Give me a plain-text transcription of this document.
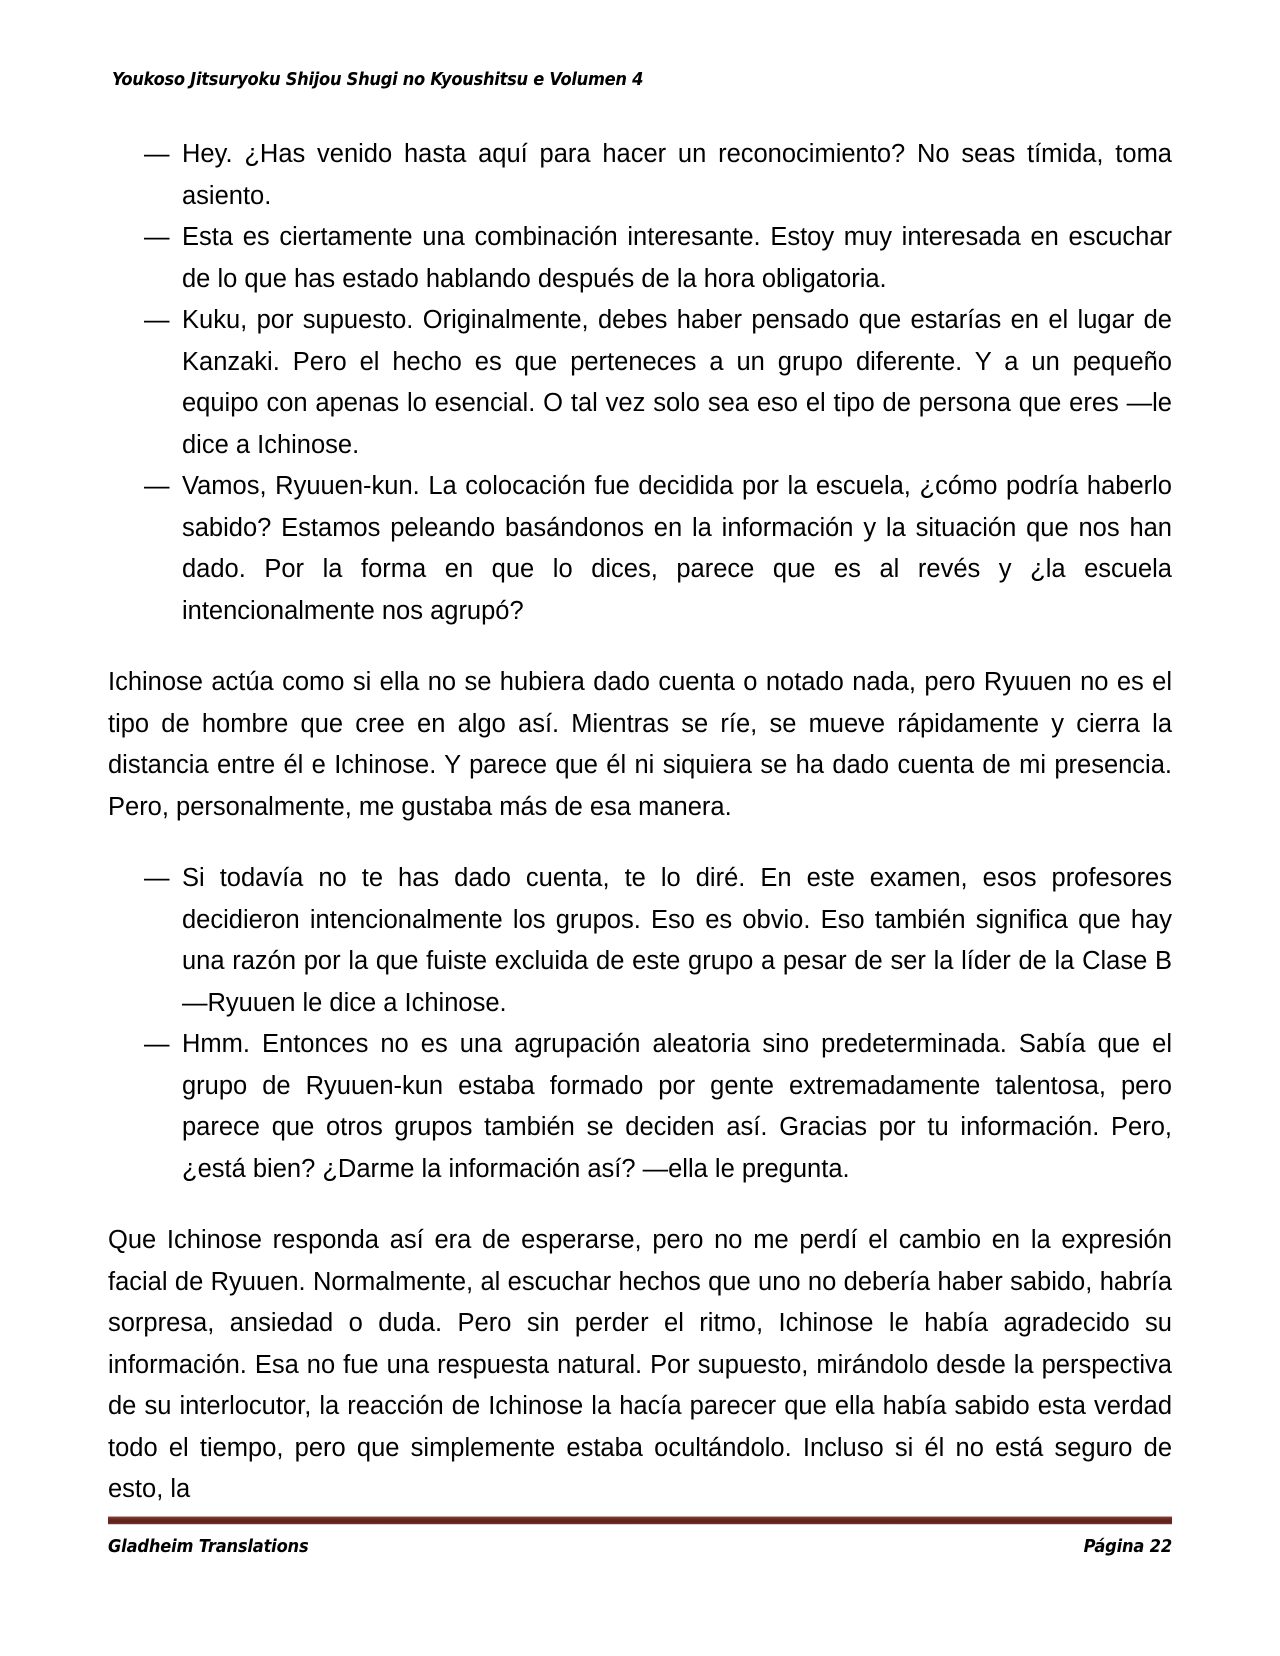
Youkoso Jitsuryoku Shijou Shugi no Kyoushitsu e Volumen 4
— Hey. ¿Has venido hasta aquí para hacer un reconocimiento? No seas tímida, toma asiento.
— Esta es ciertamente una combinación interesante. Estoy muy interesada en escuchar de lo que has estado hablando después de la hora obligatoria.
— Kuku, por supuesto. Originalmente, debes haber pensado que estarías en el lugar de Kanzaki. Pero el hecho es que perteneces a un grupo diferente. Y a un pequeño equipo con apenas lo esencial. O tal vez solo sea eso el tipo de persona que eres —le dice a Ichinose.
— Vamos, Ryuuen-kun. La colocación fue decidida por la escuela, ¿cómo podría haberlo sabido? Estamos peleando basándonos en la información y la situación que nos han dado. Por la forma en que lo dices, parece que es al revés y ¿la escuela intencionalmente nos agrupó?

Ichinose actúa como si ella no se hubiera dado cuenta o notado nada, pero Ryuuen no es el tipo de hombre que cree en algo así. Mientras se ríe, se mueve rápidamente y cierra la distancia entre él e Ichinose. Y parece que él ni siquiera se ha dado cuenta de mi presencia. Pero, personalmente, me gustaba más de esa manera.

— Si todavía no te has dado cuenta, te lo diré. En este examen, esos profesores decidieron intencionalmente los grupos. Eso es obvio. Eso también significa que hay una razón por la que fuiste excluida de este grupo a pesar de ser la líder de la Clase B —Ryuuen le dice a Ichinose.
— Hmm. Entonces no es una agrupación aleatoria sino predeterminada. Sabía que el grupo de Ryuuen-kun estaba formado por gente extremadamente talentosa, pero parece que otros grupos también se deciden así. Gracias por tu información. Pero, ¿está bien? ¿Darme la información así? —ella le pregunta.

Que Ichinose responda así era de esperarse, pero no me perdí el cambio en la expresión facial de Ryuuen. Normalmente, al escuchar hechos que uno no debería haber sabido, habría sorpresa, ansiedad o duda. Pero sin perder el ritmo, Ichinose le había agradecido su información. Esa no fue una respuesta natural. Por supuesto, mirándolo desde la perspectiva de su interlocutor, la reacción de Ichinose la hacía parecer que ella había sabido esta verdad todo el tiempo, pero que simplemente estaba ocultándolo. Incluso si él no está seguro de esto, la

Gladheim Translations	Página 22
